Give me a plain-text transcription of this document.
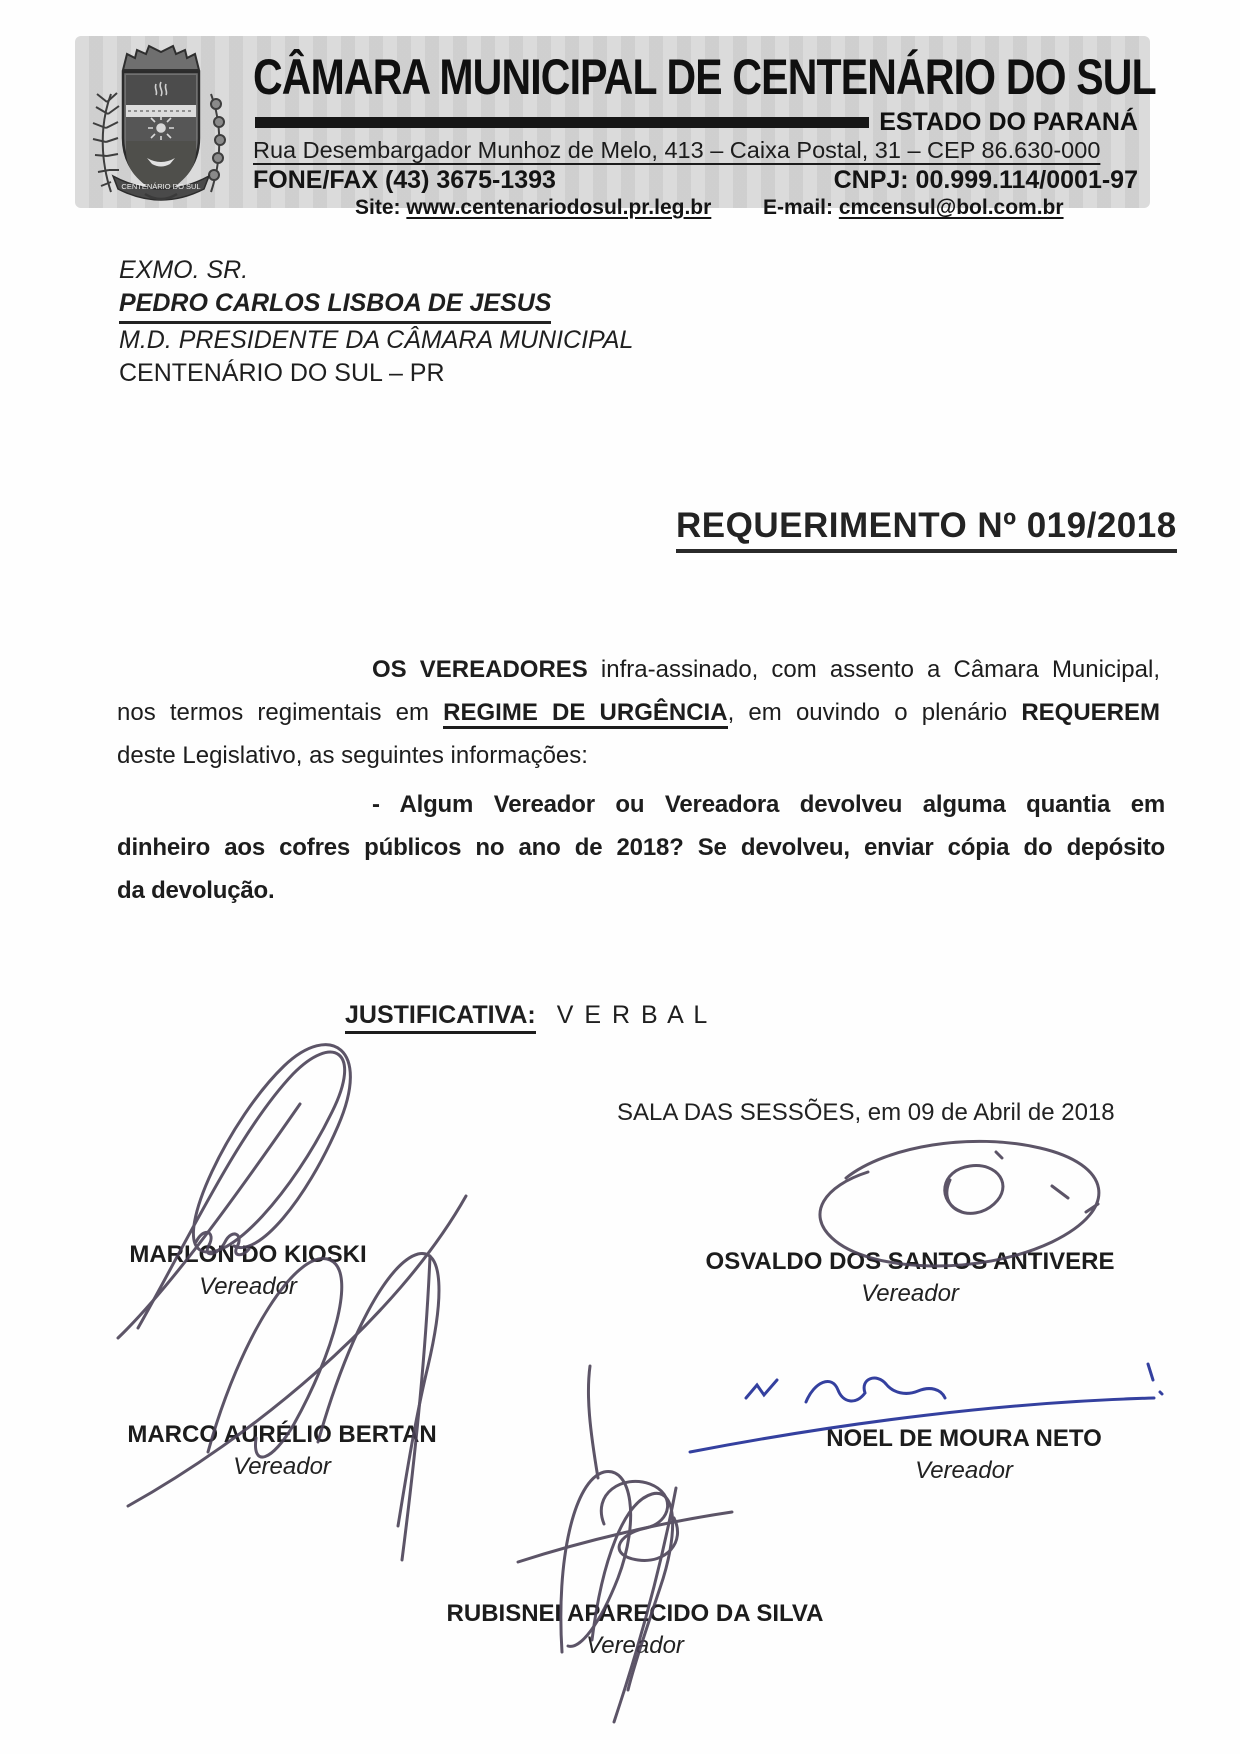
CENTENÁRIO DO SUL
CÂMARA MUNICIPAL DE CENTENÁRIO DO SUL
ESTADO DO PARANÁ
Rua Desembargador Munhoz de Melo, 413 – Caixa Postal, 31 – CEP 86.630-000
FONE/FAX (43) 3675-1393	CNPJ: 00.999.114/0001-97
Site: www.centenariodosul.pr.leg.br E-mail: cmcensul@bol.com.br
EXMO. SR.
PEDRO CARLOS LISBOA DE JESUS
M.D. PRESIDENTE DA CÂMARA MUNICIPAL
CENTENÁRIO DO SUL – PR
REQUERIMENTO Nº 019/2018
OS VEREADORES infra-assinado, com assento a Câmara Municipal,
nos termos regimentais em REGIME DE URGÊNCIA, em ouvindo o plenário REQUEREM
deste Legislativo, as seguintes informações:
- Algum Vereador ou Vereadora devolveu alguma quantia em
dinheiro aos cofres públicos no ano de 2018? Se devolveu, enviar cópia do depósito
da devolução.
JUSTIFICATIVA: V E R B A L
SALA DAS SESSÕES, em 09 de Abril de 2018
MARLON DO KIOSKI
Vereador
OSVALDO DOS SANTOS ANTIVERE
Vereador
MARCO AURÉLIO BERTAN
Vereador
NOEL DE MOURA NETO
Vereador
RUBISNEI APARECIDO DA SILVA
Vereador
